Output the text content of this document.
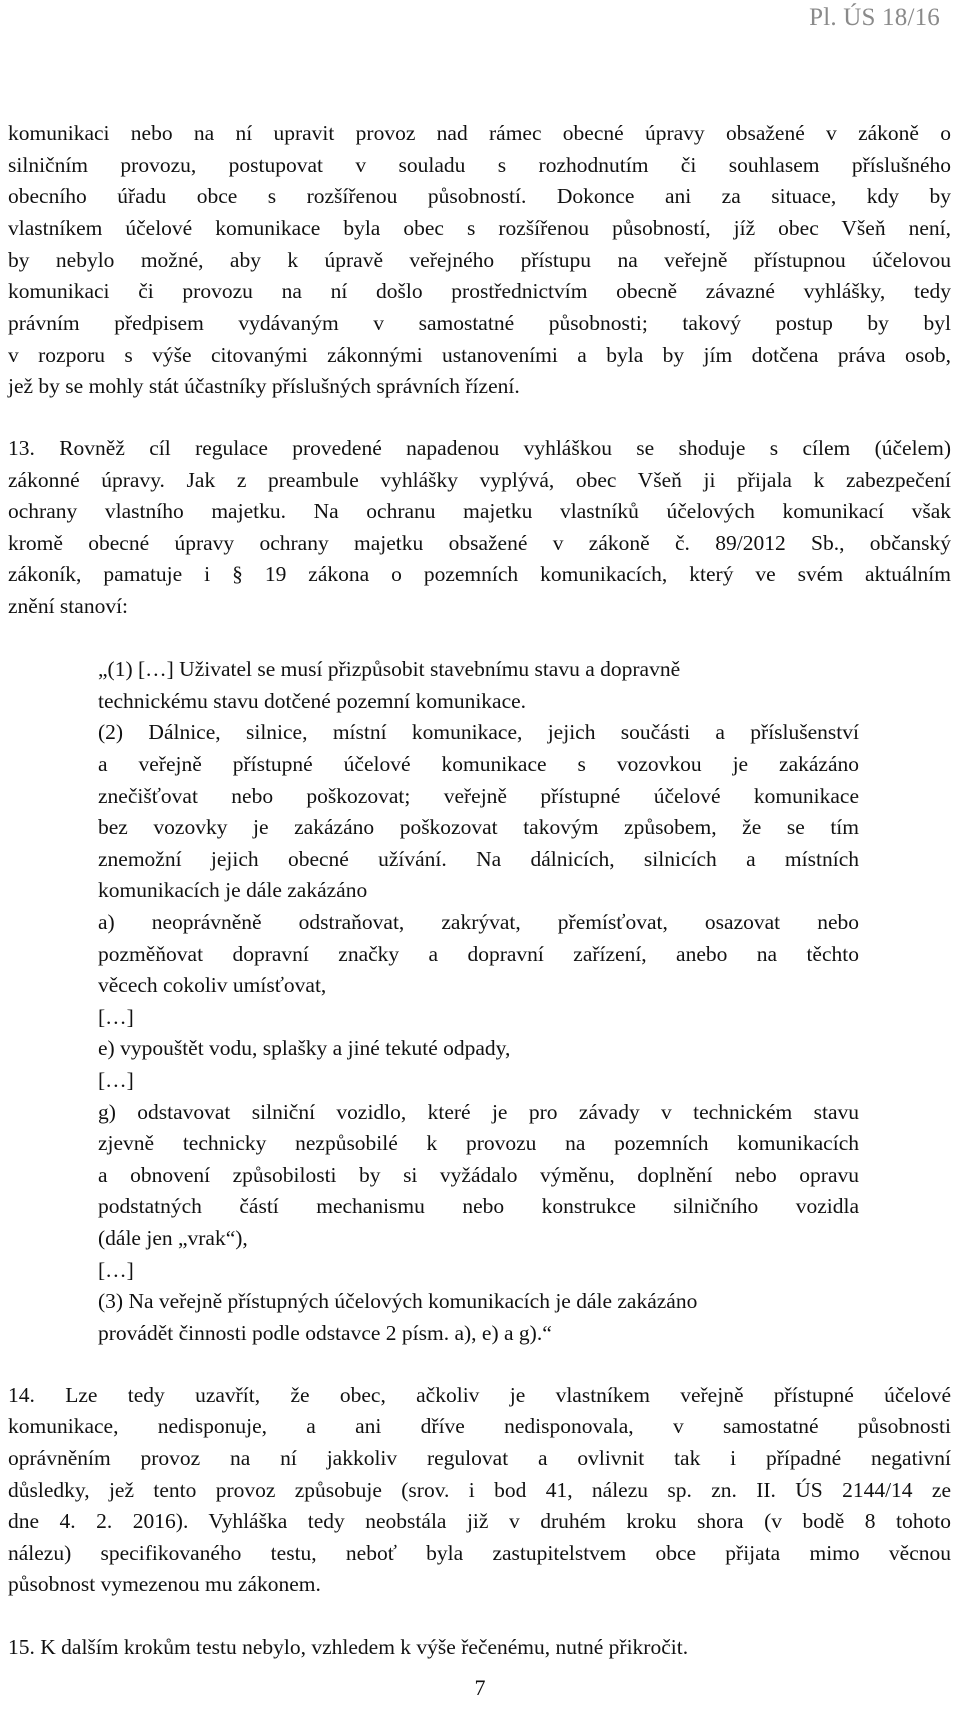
Pl. ÚS 18/16
komunikaci nebo na ní upravit provoz nad rámec obecné úpravy obsažené v zákoně o
silničním provozu, postupovat v souladu s rozhodnutím či souhlasem příslušného
obecního úřadu obce s rozšířenou působností. Dokonce ani za situace, kdy by
vlastníkem účelové komunikace byla obec s rozšířenou působností, jíž obec Všeň není,
by nebylo možné, aby k úpravě veřejného přístupu na veřejně přístupnou účelovou
komunikaci či provozu na ní došlo prostřednictvím obecně závazné vyhlášky, tedy
právním předpisem vydávaným v samostatné působnosti; takový postup by byl
v rozporu s výše citovanými zákonnými ustanoveními a byla by jím dotčena práva osob,
jež by se mohly stát účastníky příslušných správních řízení.
13. Rovněž cíl regulace provedené napadenou vyhláškou se shoduje s cílem (účelem)
zákonné úpravy. Jak z preambule vyhlášky vyplývá, obec Všeň ji přijala k zabezpečení
ochrany vlastního majetku. Na ochranu majetku vlastníků účelových komunikací však
kromě obecné úpravy ochrany majetku obsažené v zákoně č. 89/2012 Sb., občanský
zákoník, pamatuje i § 19 zákona o pozemních komunikacích, který ve svém aktuálním
znění stanoví:
„(1) […] Uživatel se musí přizpůsobit stavebnímu stavu a dopravně
technickému stavu dotčené pozemní komunikace.
(2) Dálnice, silnice, místní komunikace, jejich součásti a příslušenství
a veřejně přístupné účelové komunikace s vozovkou je zakázáno
znečišťovat nebo poškozovat; veřejně přístupné účelové komunikace
bez vozovky je zakázáno poškozovat takovým způsobem, že se tím
znemožní jejich obecné užívání. Na dálnicích, silnicích a místních
komunikacích je dále zakázáno
a) neoprávněně odstraňovat, zakrývat, přemísťovat, osazovat nebo
pozměňovat dopravní značky a dopravní zařízení, anebo na těchto
věcech cokoliv umísťovat,
[…]
e) vypouštět vodu, splašky a jiné tekuté odpady,
[…]
g) odstavovat silniční vozidlo, které je pro závady v technickém stavu
zjevně technicky nezpůsobilé k provozu na pozemních komunikacích
a obnovení způsobilosti by si vyžádalo výměnu, doplnění nebo opravu
podstatných částí mechanismu nebo konstrukce silničního vozidla
(dále jen „vrak“),
[…]
(3) Na veřejně přístupných účelových komunikacích je dále zakázáno
provádět činnosti podle odstavce 2 písm. a), e) a g).“
14. Lze tedy uzavřít, že obec, ačkoliv je vlastníkem veřejně přístupné účelové
komunikace, nedisponuje, a ani dříve nedisponovala, v samostatné působnosti
oprávněním provoz na ní jakkoliv regulovat a ovlivnit tak i případné negativní
důsledky, jež tento provoz způsobuje (srov. i bod 41, nálezu sp. zn. II. ÚS 2144/14 ze
dne 4. 2. 2016). Vyhláška tedy neobstála již v druhém kroku shora (v bodě 8 tohoto
nálezu) specifikovaného testu, neboť byla zastupitelstvem obce přijata mimo věcnou
působnost vymezenou mu zákonem.
15. K dalším krokům testu nebylo, vzhledem k výše řečenému, nutné přikročit.
7
